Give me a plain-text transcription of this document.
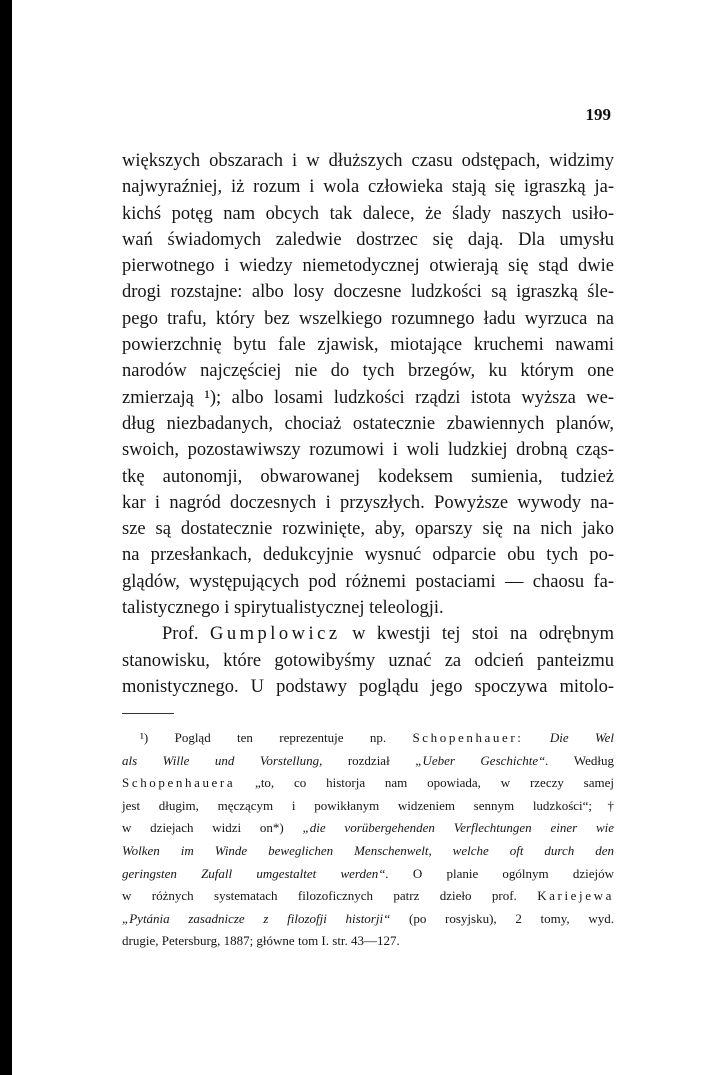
199
większych obszarach i w dłuższych czasu odstępach, widzimy
najwyraźniej, iż rozum i wola człowieka stają się igraszką ja-
kichś potęg nam obcych tak dalece, że ślady naszych usiło-
wań świadomych zaledwie dostrzec się dają. Dla umysłu
pierwotnego i wiedzy niemetodycznej otwierają się stąd dwie
drogi rozstajne: albo losy doczesne ludzkości są igraszką śle-
pego trafu, który bez wszelkiego rozumnego ładu wyrzuca na
powierzchnię bytu fale zjawisk, miotające kruchemi nawami
narodów najczęściej nie do tych brzegów, ku którym one
zmierzają ¹); albo losami ludzkości rządzi istota wyższa we-
dług niezbadanych, chociaż ostatecznie zbawiennych planów,
swoich, pozostawiwszy rozumowi i woli ludzkiej drobną cząs-
tkę autonomji, obwarowanej kodeksem sumienia, tudzież
kar i nagród doczesnych i przyszłych. Powyższe wywody na-
sze są dostatecznie rozwinięte, aby, oparszy się na nich jako
na przesłankach, dedukcyjnie wysnuć odparcie obu tych po-
glądów, występujących pod różnemi postaciami — chaosu fa-
talistycznego i spirytualistycznej teleologji.
Prof. Gumplowicz w kwestji tej stoi na odrębnym
stanowisku, które gotowibyśmy uznać za odcień panteizmu
monistycznego. U podstawy poglądu jego spoczywa mitolo-
¹) Pogląd ten reprezentuje np. Schopenhauer: Die Wel
als Wille und Vorstellung, rozdział „Ueber Geschichte“. Według
Schopenhauera „to, co historja nam opowiada, w rzeczy samej
jest długim, męczącym i powikłanym widzeniem sennym ludzkości“;†
w dziejach widzi on*) „die vorübergehenden Verflechtungen einer wie
Wolken im Winde beweglichen Menschenwelt, welche oft durch den
geringsten Zufall umgestaltet werden“. O planie ogólnym dziejów
w różnych systematach filozoficznych patrz dzieło prof. Kariejewa
„Pytánia zasadnicze z filozofji historji“ (po rosyjsku), 2 tomy, wyd.
drugie, Petersburg, 1887; główne tom I. str. 43—127.
